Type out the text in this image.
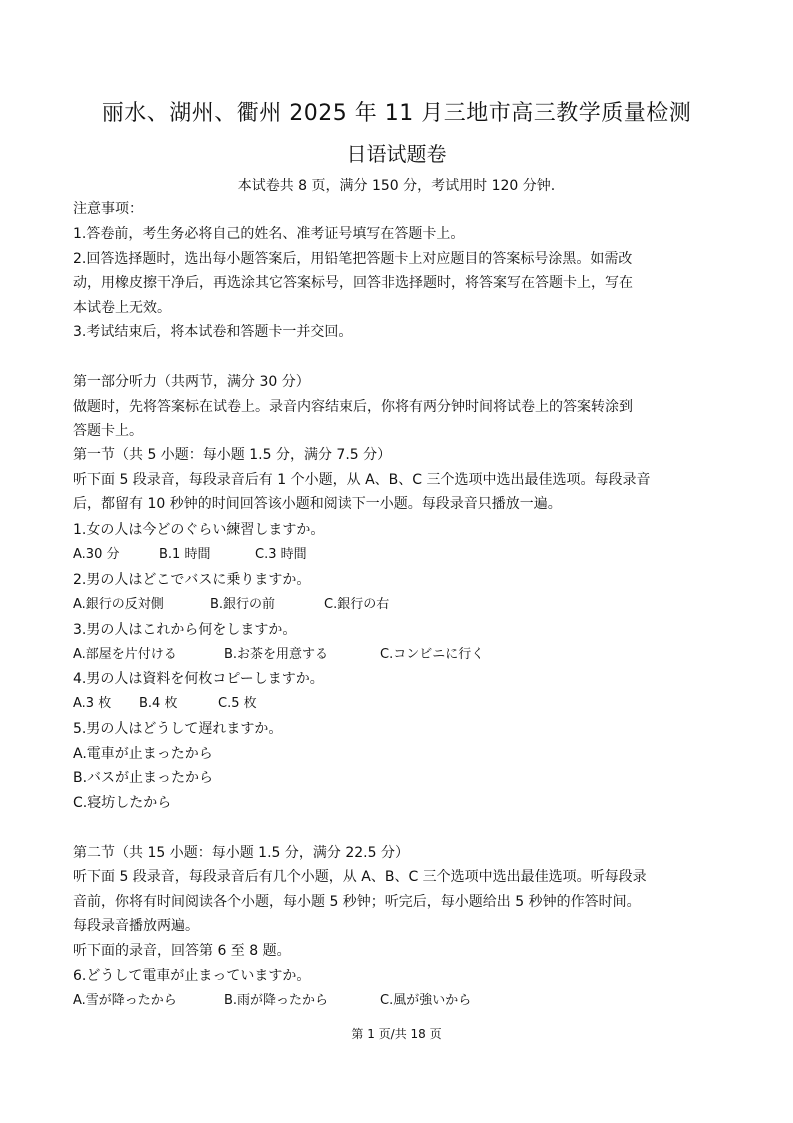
丽水、湖州、衢州 2025 年 11 月三地市高三教学质量检测
日语试题卷
本试卷共 8 页，满分 150 分，考试用时 120 分钟.
注意事项：
1.答卷前，考生务必将自己的姓名、准考证号填写在答题卡上。
2.回答选择题时，选出每小题答案后，用铅笔把答题卡上对应题目的答案标号涂黑。如需改
动，用橡皮擦干净后，再选涂其它答案标号，回答非选择题时，将答案写在答题卡上，写在
本试卷上无效。
3.考试结束后，将本试卷和答题卡一并交回。
第一部分听力（共两节，满分 30 分）
做题时，先将答案标在试卷上。录音内容结束后，你将有两分钟时间将试卷上的答案转涂到
答题卡上。
第一节（共 5 小题：每小题 1.5 分，满分 7.5 分）
听下面 5 段录音，每段录音后有 1 个小题，从 A、B、C 三个选项中选出最佳选项。每段录音
后，都留有 10 秒钟的时间回答该小题和阅读下一小题。每段录音只播放一遍。
1.女の人は今どのぐらい練習しますか。
A.30 分	B.1 時間	C.3 時間
2.男の人はどこでバスに乗りますか。
A.銀行の反対側	B.銀行の前	C.銀行の右
3.男の人はこれから何をしますか。
A.部屋を片付ける	B.お茶を用意する	C.コンビニに行く
4.男の人は資料を何枚コピーしますか。
A.3 枚 B.4 枚	C.5 枚
5.男の人はどうして遅れますか。
A.電車が止まったから
B.バスが止まったから
C.寝坊したから
第二节（共 15 小题：每小题 1.5 分，满分 22.5 分）
听下面 5 段录音，每段录音后有几个小题，从 A、B、C 三个选项中选出最佳选项。听每段录
音前，你将有时间阅读各个小题，每小题 5 秒钟；听完后，每小题给出 5 秒钟的作答时间。
每段录音播放两遍。
听下面的录音，回答第 6 至 8 题。
6.どうして電車が止まっていますか。
A.雪が降ったから	B.雨が降ったから	C.風が強いから
第 1 页/共 18 页
